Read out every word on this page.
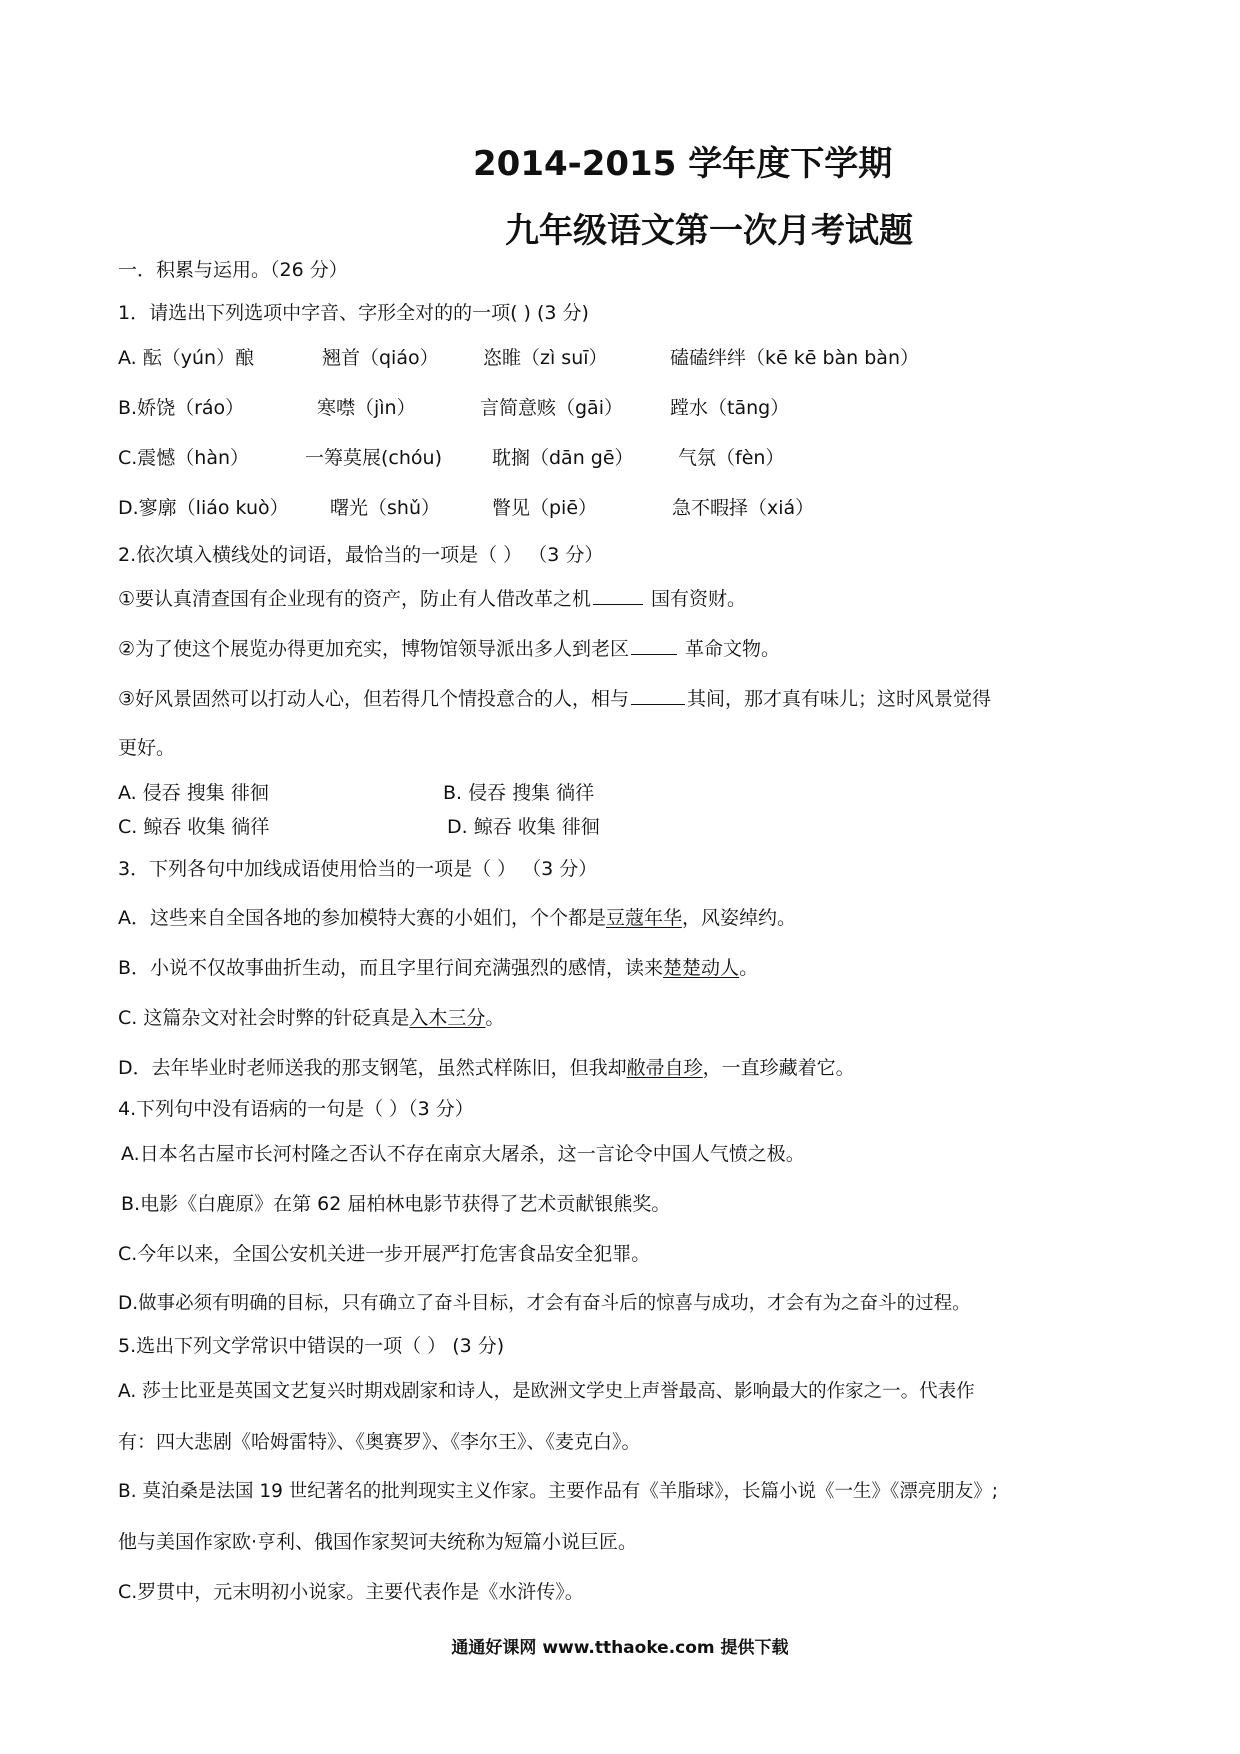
2014-2015 学年度下学期
九年级语文第一次月考试题
一．积累与运用。（26 分）
1．请选出下列选项中字音、字形全对的的一项( ) (3 分)
A. 酝（yún）酿	翘首（qiáo） 恣睢（zì suī）	磕磕绊绊（kē kē bàn bàn）
B.娇饶（ráo）	寒噤（jìn）	言简意赅（gāi） 蹚水（tāng）
C.震憾（hàn）	一筹莫展(chóu)	耽搁（dān gē） 气氛（fèn）
D.寥廓（liáo kuò） 曙光（shǔ）	瞥见（piē）	急不暇择（xiá）
2.依次填入横线处的词语，最恰当的一项是（ ） （3 分）
①要认真清查国有企业现有的资产，防止有人借改革之机	国有资财。
②为了使这个展览办得更加充实，博物馆领导派出多人到老区	革命文物。
③好风景固然可以打动人心，但若得几个情投意合的人，相与	其间，那才真有味儿；这时风景觉得
更好。
A. 侵吞 搜集 徘徊	B. 侵吞 搜集 徜徉
C. 鲸吞 收集 徜徉	D. 鲸吞 收集 徘徊
3．下列各句中加线成语使用恰当的一项是（ ） （3 分）
A．这些来自全国各地的参加模特大赛的小姐们，个个都是豆蔻年华，风姿绰约。
B．小说不仅故事曲折生动，而且字里行间充满强烈的感情，读来楚楚动人。
C. 这篇杂文对社会时弊的针砭真是入木三分。
D．去年毕业时老师送我的那支钢笔，虽然式样陈旧，但我却敝帚自珍，一直珍藏着它。
4.下列句中没有语病的一句是（ ）（3 分）
A.日本名古屋市长河村隆之否认不存在南京大屠杀，这一言论令中国人气愤之极。
B.电影《白鹿原》在第 62 届柏林电影节获得了艺术贡献银熊奖。
C.今年以来，全国公安机关进一步开展严打危害食品安全犯罪。
D.做事必须有明确的目标，只有确立了奋斗目标，才会有奋斗后的惊喜与成功，才会有为之奋斗的过程。
5.选出下列文学常识中错误的一项（ ） (3 分)
A. 莎士比亚是英国文艺复兴时期戏剧家和诗人，是欧洲文学史上声誉最高、影响最大的作家之一。代表作
有：四大悲剧《哈姆雷特》、《奥赛罗》、《李尔王》、《麦克白》。
B. 莫泊桑是法国 19 世纪著名的批判现实主义作家。主要作品有《羊脂球》，长篇小说《一生》《漂亮朋友》;
他与美国作家欧·亨利、俄国作家契诃夫统称为短篇小说巨匠。
C.罗贯中，元末明初小说家。主要代表作是《水浒传》。
通通好课网 www.tthaoke.com 提供下载
